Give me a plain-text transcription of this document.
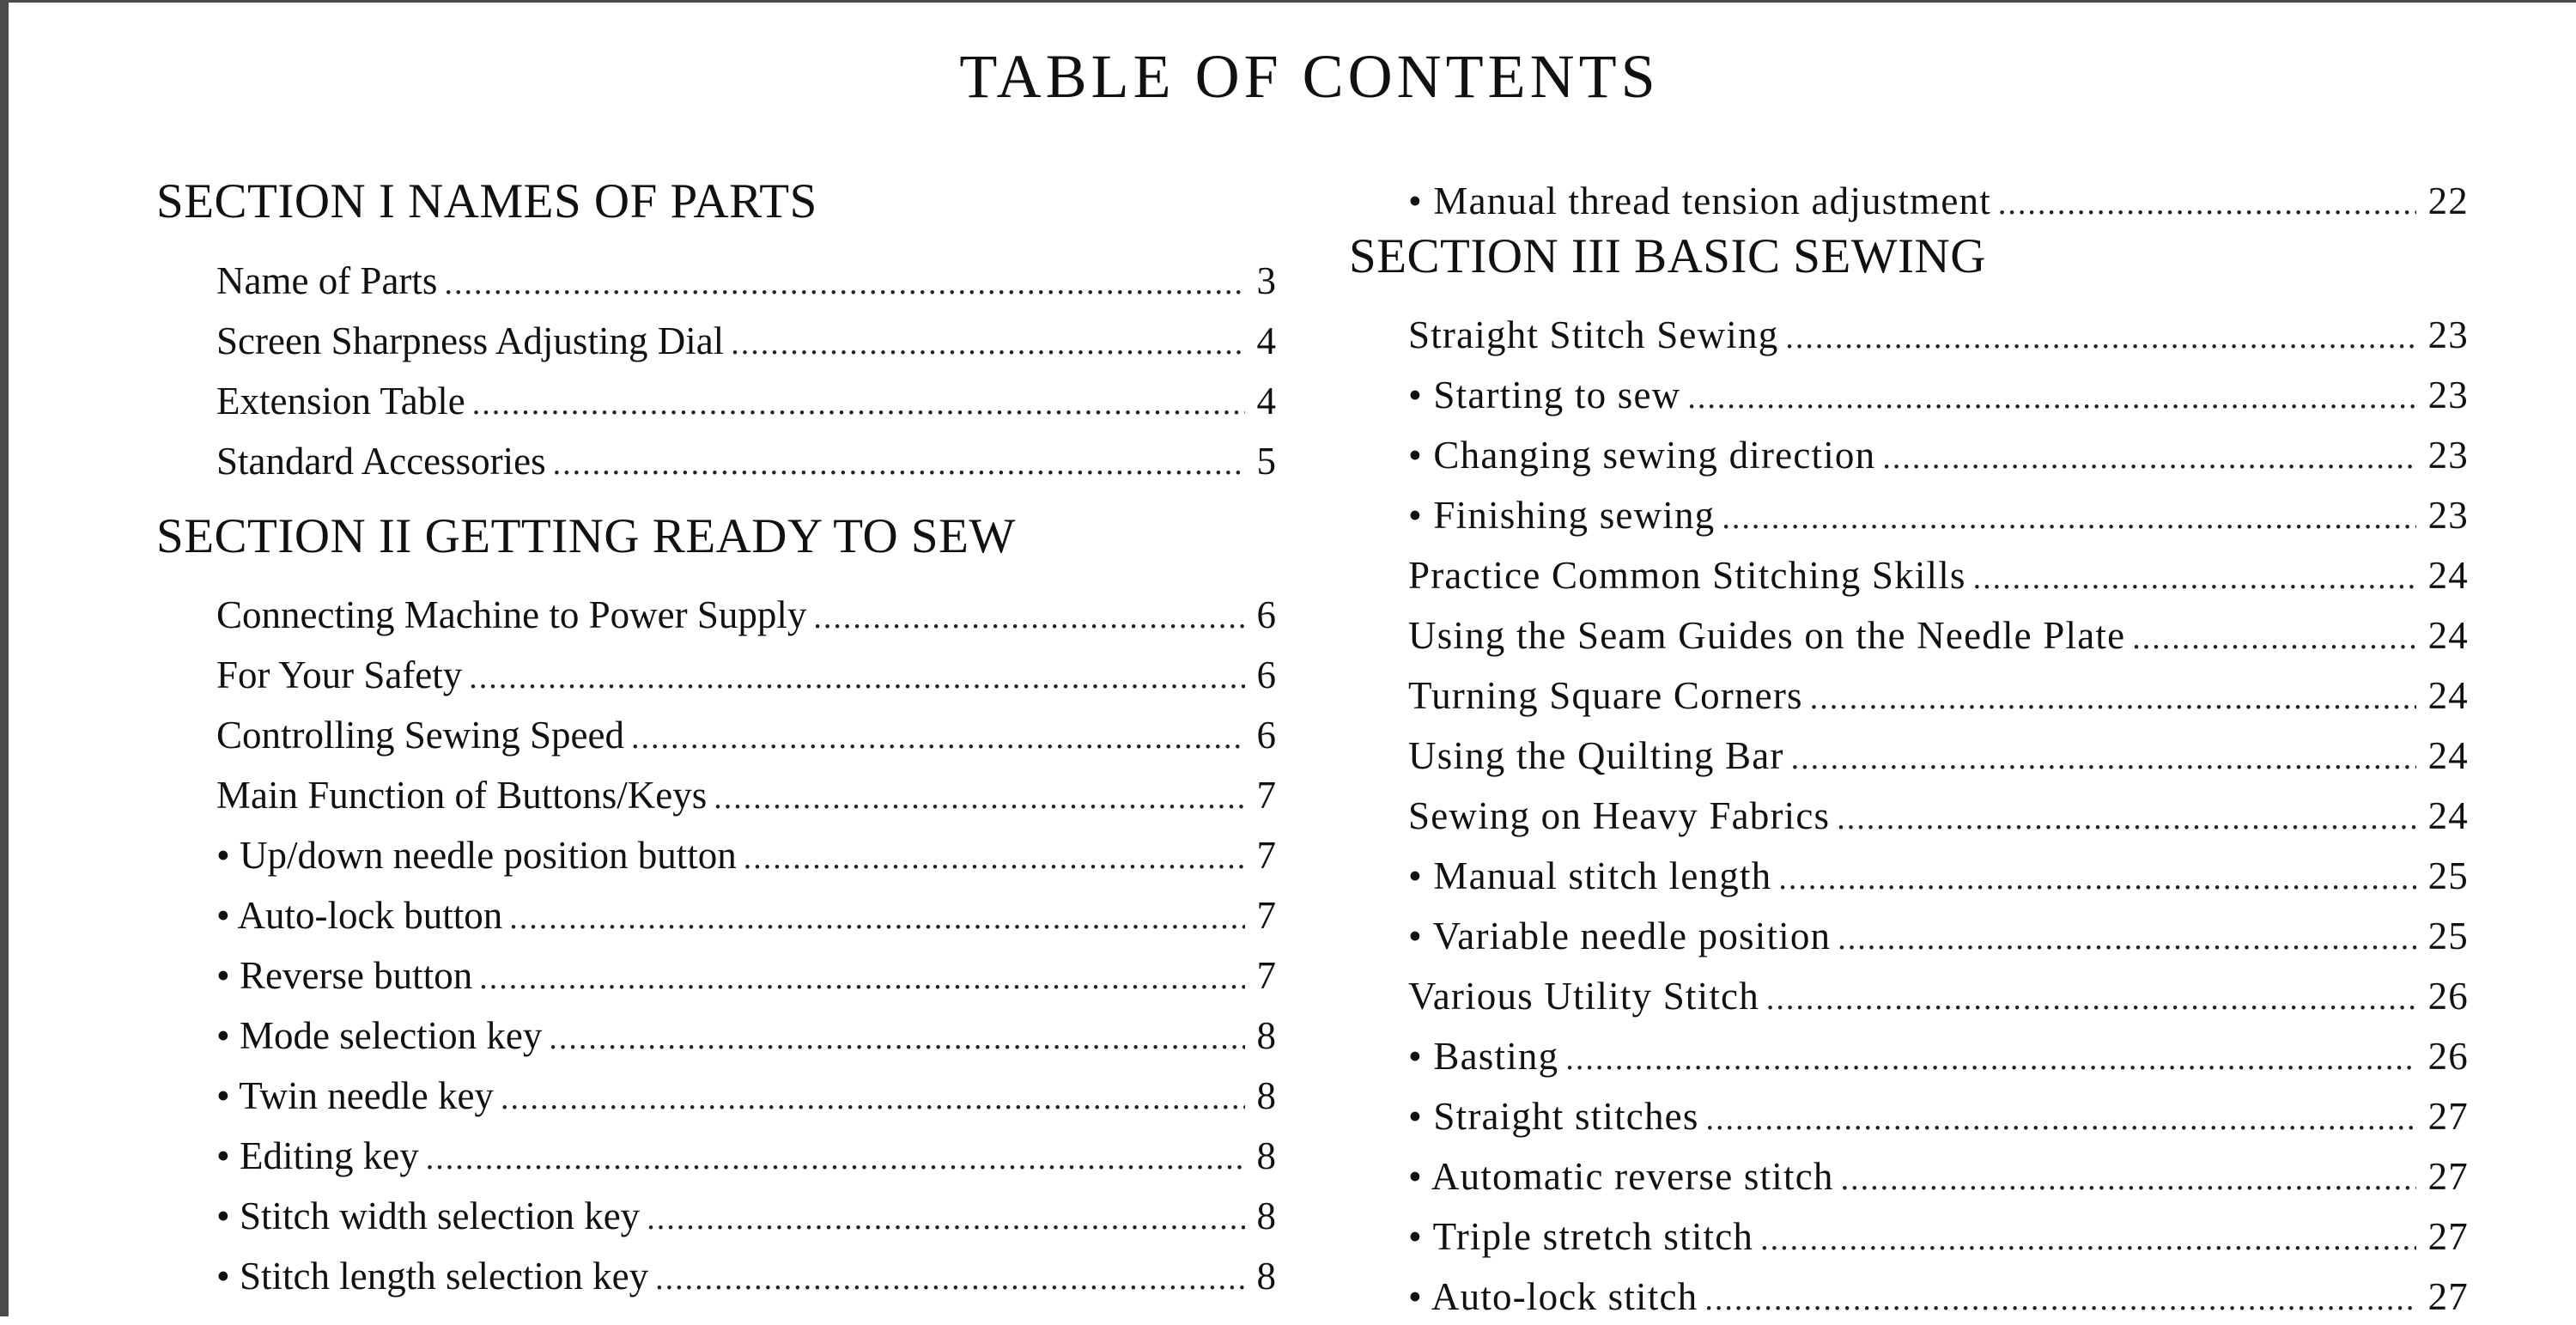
TABLE OF CONTENTS
SECTION I NAMES OF PARTS
Name of Parts .....	3
Screen Sharpness Adjusting Dial .....	4
Extension Table .....	4
Standard Accessories .....	5
SECTION II GETTING READY TO SEW
Connecting Machine to Power Supply .....	6
For Your Safety .....	6
Controlling Sewing Speed .....	6
Main Function of Buttons/Keys .....	7
• Up/down needle position button .....	7
• Auto-lock button .....	7
• Reverse button .....	7
• Mode selection key .....	8
• Twin needle key .....	8
• Editing key .....	8
• Stitch width selection key .....	8
• Stitch length selection key .....	8
• Manual thread tension adjustment .....	22
SECTION III BASIC SEWING
Straight Stitch Sewing .....	23
• Starting to sew .....	23
• Changing sewing direction .....	23
• Finishing sewing .....	23
Practice Common Stitching Skills .....	24
Using the Seam Guides on the Needle Plate .....	24
Turning Square Corners .....	24
Using the Quilting Bar .....	24
Sewing on Heavy Fabrics .....	24
• Manual stitch length .....	25
• Variable needle position .....	25
Various Utility Stitch .....	26
• Basting .....	26
• Straight stitches .....	27
• Automatic reverse stitch .....	27
• Triple stretch stitch .....	27
• Auto-lock stitch .....	27
